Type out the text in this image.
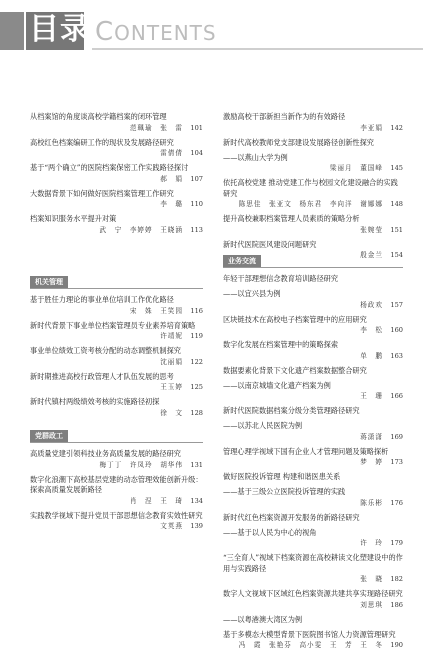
目录 CONTENTS
从档案馆的角度谈高校学籍档案的闭环管理
范珮瑜　张　雷 101
高校红色档案编研工作的现状及发展路径研究
雷倩倩 104
基于“两个确立”的医院档案保密工作实践路径探讨
郝　娟 107
大数据背景下如何做好医院档案管理工作研究
李　璐 110
档案知识服务水平提升对策
武　宁　李婷婷　王晓涵 113
机关管理
基于胜任力理论的事业单位培训工作优化路径
宋　姝　王笑园 116
新时代背景下事业单位档案管理员专业素养培育策略
许靖妮 119
事业单位绩效工资考核分配的动态调整机制探究
沈丽娟 122
新时期推进高校行政管理人才队伍发展的思考
王玉婷 125
新时代镇村两级绩效考核的实施路径初探
徐　文 128
党群政工
高质量党建引领科技业务高质量发展的路径研究
梅丁丁　许凤玲　胡华伟 131
数字化浪潮下高校基层党建的动态管理效能创新升级：探索高质量发展新路径
肖　涅　王　琦 134
实践教学视域下提升党员干部思想信念教育实效性研究
文英燕 139
激励高校干部新担当新作为的有效路径
李亚娟 142
新时代高校教师党支部建设发展路径创新性探究
——以燕山大学为例
梁丽月　董国峰 145
依托高校党建 推动党建工作与校园文化建设融合的实践研究
陈思佳　张亚文　杨东君　李向洋　谢娜娜 148
提升高校兼职档案管理人员素质的策略分析
张婉莹 151
新时代医院医风建设问题研究
殷金兰 154
业务交流
年轻干部理想信念教育培训路径研究
——以宜兴县为例
杨政欢 157
区块链技术在高校电子档案管理中的应用研究
李　松 160
数字化发展在档案管理中的策略探索
单　鹏 163
数据要素化背景下文化遗产档案数据整合研究
——以南京城墙文化遗产档案为例
王　珊 166
新时代医院数据档案分级分类管理路径研究
——以苏北人民医院为例
蒋潇潇 169
管理心理学视域下国有企业人才管理问题及策略探析
梦　婷 173
做好医院投诉管理 构建和谐医患关系
——基于三级公立医院投诉管理的实践
陈乐彬 176
新时代红色档案资源开发服务的新路径研究
——基于以人民为中心的视角
许　玲 179
“三全育人”视域下档案资源在高校耕读文化塑建设中的作用与实践路径
张　晓 182
数字人文视域下区域红色档案资源共建共享实现路径研究
刘思琪 186
——以粤港澳大湾区为例
基于多模态大模型背景下医院图书馆人力资源管理研究
冯　霞　张艳芬　高小雯　王　芳　王　冬 190
